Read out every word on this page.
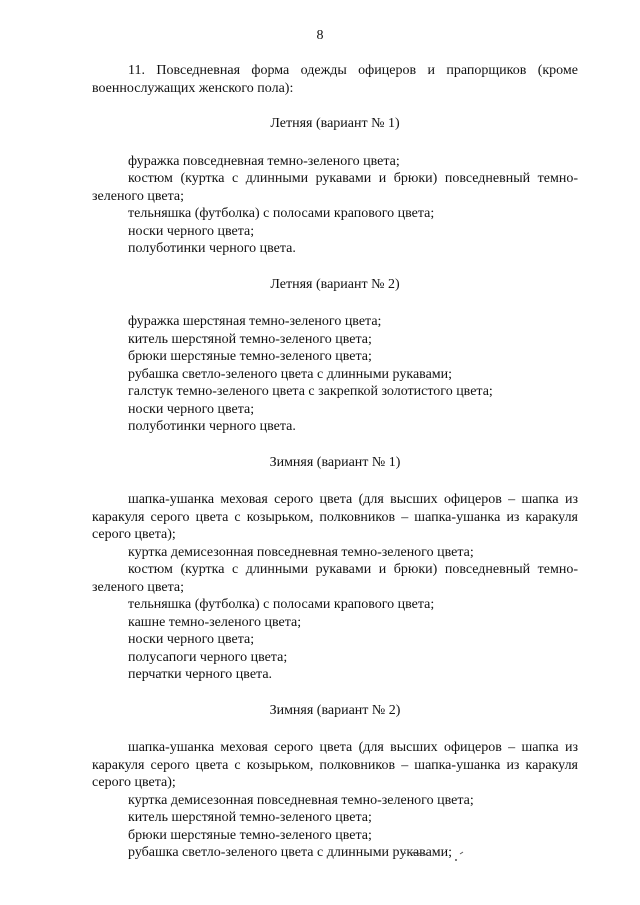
8

11. Повседневная форма одежды офицеров и прапорщиков (кроме военнослужащих женского пола):

Летняя (вариант № 1)

фуражка повседневная темно-зеленого цвета;

костюм (куртка с длинными рукавами и брюки) повседневный темно-зеленого цвета;

тельняшка (футболка) с полосами крапового цвета;

носки черного цвета;

полуботинки черного цвета.

Летняя (вариант № 2)

фуражка шерстяная темно-зеленого цвета;

китель шерстяной темно-зеленого цвета;

брюки шерстяные темно-зеленого цвета;

рубашка светло-зеленого цвета с длинными рукавами;

галстук темно-зеленого цвета с закрепкой золотистого цвета;

носки черного цвета;

полуботинки черного цвета.

Зимняя (вариант № 1)

шапка-ушанка меховая серого цвета (для высших офицеров – шапка из каракуля серого цвета с козырьком, полковников – шапка-ушанка из каракуля серого цвета);

куртка демисезонная повседневная темно-зеленого цвета;

костюм (куртка с длинными рукавами и брюки) повседневный темно-зеленого цвета;

тельняшка (футболка) с полосами крапового цвета;

кашне темно-зеленого цвета;

носки черного цвета;

полусапоги черного цвета;

перчатки черного цвета.

Зимняя (вариант № 2)

шапка-ушанка меховая серого цвета (для высших офицеров – шапка из каракуля серого цвета с козырьком, полковников – шапка-ушанка из каракуля серого цвета);

куртка демисезонная повседневная темно-зеленого цвета;

китель шерстяной темно-зеленого цвета;

брюки шерстяные темно-зеленого цвета;

рубашка светло-зеленого цвета с длинными рукавами;
